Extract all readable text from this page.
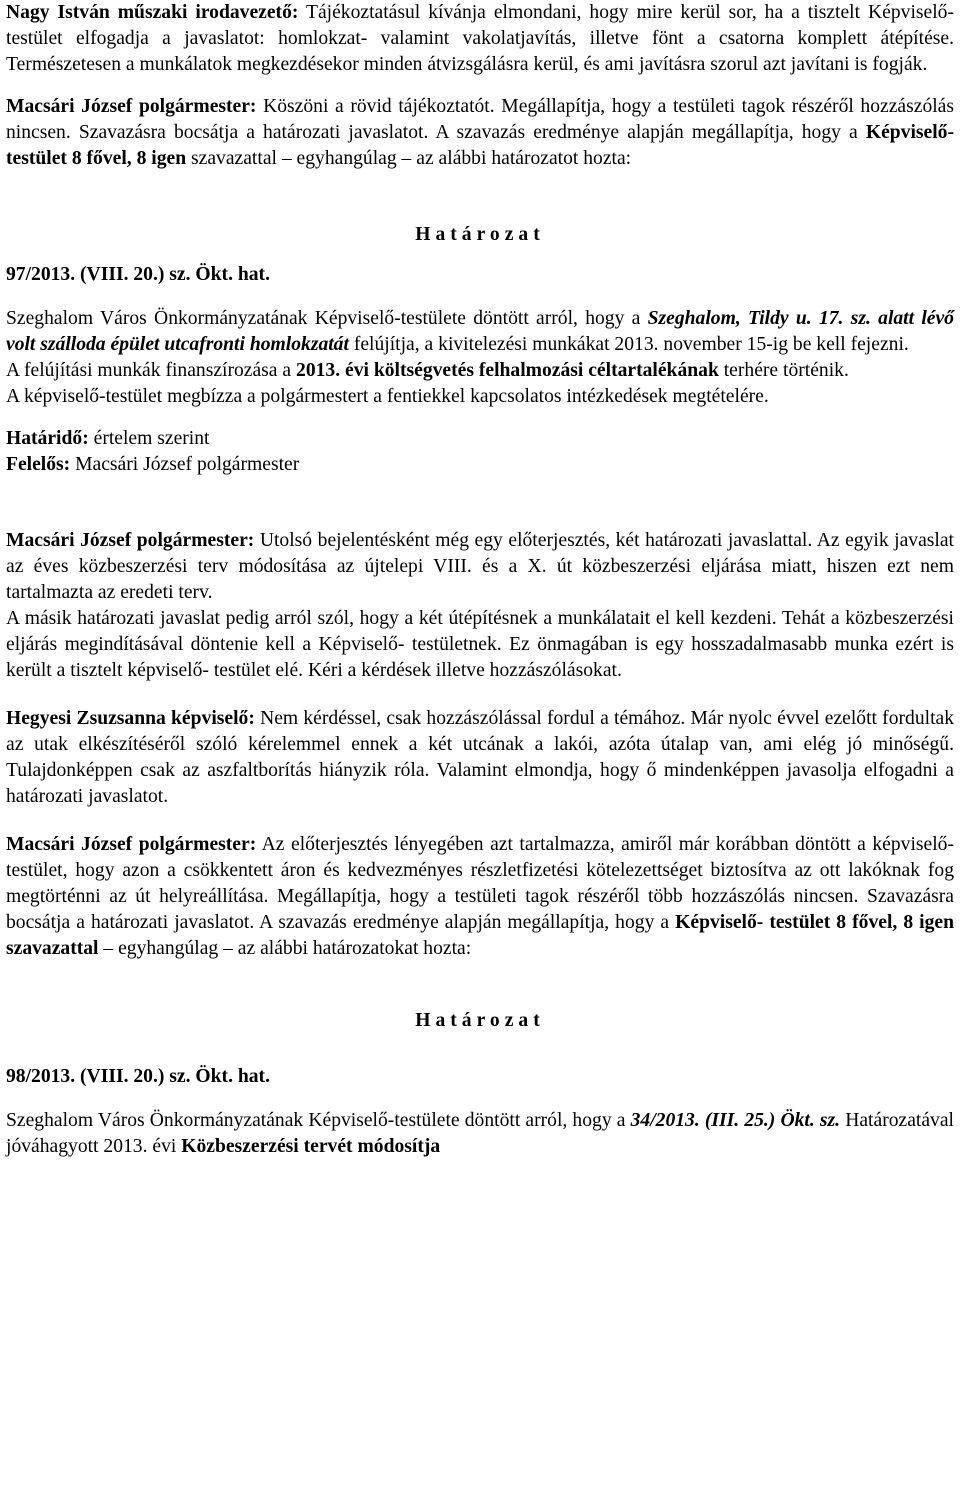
Nagy István műszaki irodavezető: Tájékoztatásul kívánja elmondani, hogy mire kerül sor, ha a tisztelt Képviselő- testület elfogadja a javaslatot: homlokzat- valamint vakolatjavítás, illetve fönt a csatorna komplett átépítése. Természetesen a munkálatok megkezdésekor minden átvizsgálásra kerül, és ami javításra szorul azt javítani is fogják.

Macsári József polgármester: Köszöni a rövid tájékoztatót. Megállapítja, hogy a testületi tagok részéről hozzászólás nincsen. Szavazásra bocsátja a határozati javaslatot. A szavazás eredménye alapján megállapítja, hogy a Képviselő- testület 8 fővel, 8 igen szavazattal – egyhangúlag – az alábbi határozatot hozta:

Határozat

97/2013. (VIII. 20.) sz. Ökt. hat.

Szeghalom Város Önkormányzatának Képviselő-testülete döntött arról, hogy a Szeghalom, Tildy u. 17. sz. alatt lévő volt szálloda épület utcafronti homlokzatát felújítja, a kivitelezési munkákat 2013. november 15-ig be kell fejezni.

A felújítási munkák finanszírozása a 2013. évi költségvetés felhalmozási céltartalékának terhére történik.

A képviselő-testület megbízza a polgármestert a fentiekkel kapcsolatos intézkedések megtételére.

Határidő: értelem szerint

Felelős: Macsári József polgármester

Macsári József polgármester: Utolsó bejelentésként még egy előterjesztés, két határozati javaslattal. Az egyik javaslat az éves közbeszerzési terv módosítása az újtelepi VIII. és a X. út közbeszerzési eljárása miatt, hiszen ezt nem tartalmazta az eredeti terv.

A másik határozati javaslat pedig arról szól, hogy a két útépítésnek a munkálatait el kell kezdeni. Tehát a közbeszerzési eljárás megindításával döntenie kell a Képviselő- testületnek. Ez önmagában is egy hosszadalmasabb munka ezért is került a tisztelt képviselő- testület elé. Kéri a kérdések illetve hozzászólásokat.

Hegyesi Zsuzsanna képviselő: Nem kérdéssel, csak hozzászólással fordul a témához. Már nyolc évvel ezelőtt fordultak az utak elkészítéséről szóló kérelemmel ennek a két utcának a lakói, azóta útalap van, ami elég jó minőségű. Tulajdonképpen csak az aszfaltborítás hiányzik róla. Valamint elmondja, hogy ő mindenképpen javasolja elfogadni a határozati javaslatot.

Macsári József polgármester: Az előterjesztés lényegében azt tartalmazza, amiről már korábban döntött a képviselő- testület, hogy azon a csökkentett áron és kedvezményes részletfizetési kötelezettséget biztosítva az ott lakóknak fog megtörténni az út helyreállítása. Megállapítja, hogy a testületi tagok részéről több hozzászólás nincsen. Szavazásra bocsátja a határozati javaslatot. A szavazás eredménye alapján megállapítja, hogy a Képviselő- testület 8 fővel, 8 igen szavazattal – egyhangúlag – az alábbi határozatokat hozta:

Határozat

98/2013. (VIII. 20.) sz. Ökt. hat.

Szeghalom Város Önkormányzatának Képviselő-testülete döntött arról, hogy a 34/2013. (III. 25.) Ökt. sz. Határozatával jóváhagyott 2013. évi Közbeszerzési tervét módosítja
